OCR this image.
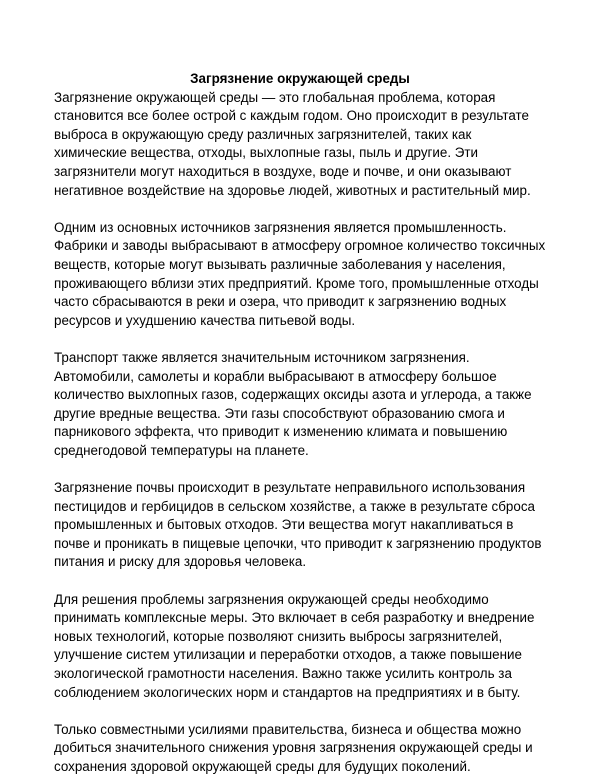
Загрязнение окружающей среды

Загрязнение окружающей среды — это глобальная проблема, которая становится все более острой с каждым годом. Оно происходит в результате выброса в окружающую среду различных загрязнителей, таких как химические вещества, отходы, выхлопные газы, пыль и другие. Эти загрязнители могут находиться в воздухе, воде и почве, и они оказывают негативное воздействие на здоровье людей, животных и растительный мир.

Одним из основных источников загрязнения является промышленность. Фабрики и заводы выбрасывают в атмосферу огромное количество токсичных веществ, которые могут вызывать различные заболевания у населения, проживающего вблизи этих предприятий. Кроме того, промышленные отходы часто сбрасываются в реки и озера, что приводит к загрязнению водных ресурсов и ухудшению качества питьевой воды.

Транспорт также является значительным источником загрязнения. Автомобили, самолеты и корабли выбрасывают в атмосферу большое количество выхлопных газов, содержащих оксиды азота и углерода, а также другие вредные вещества. Эти газы способствуют образованию смога и парникового эффекта, что приводит к изменению климата и повышению среднегодовой температуры на планете.

Загрязнение почвы происходит в результате неправильного использования пестицидов и гербицидов в сельском хозяйстве, а также в результате сброса промышленных и бытовых отходов. Эти вещества могут накапливаться в почве и проникать в пищевые цепочки, что приводит к загрязнению продуктов питания и риску для здоровья человека.

Для решения проблемы загрязнения окружающей среды необходимо принимать комплексные меры. Это включает в себя разработку и внедрение новых технологий, которые позволяют снизить выбросы загрязнителей, улучшение систем утилизации и переработки отходов, а также повышение экологической грамотности населения. Важно также усилить контроль за соблюдением экологических норм и стандартов на предприятиях и в быту.

Только совместными усилиями правительства, бизнеса и общества можно добиться значительного снижения уровня загрязнения окружающей среды и сохранения здоровой окружающей среды для будущих поколений.
